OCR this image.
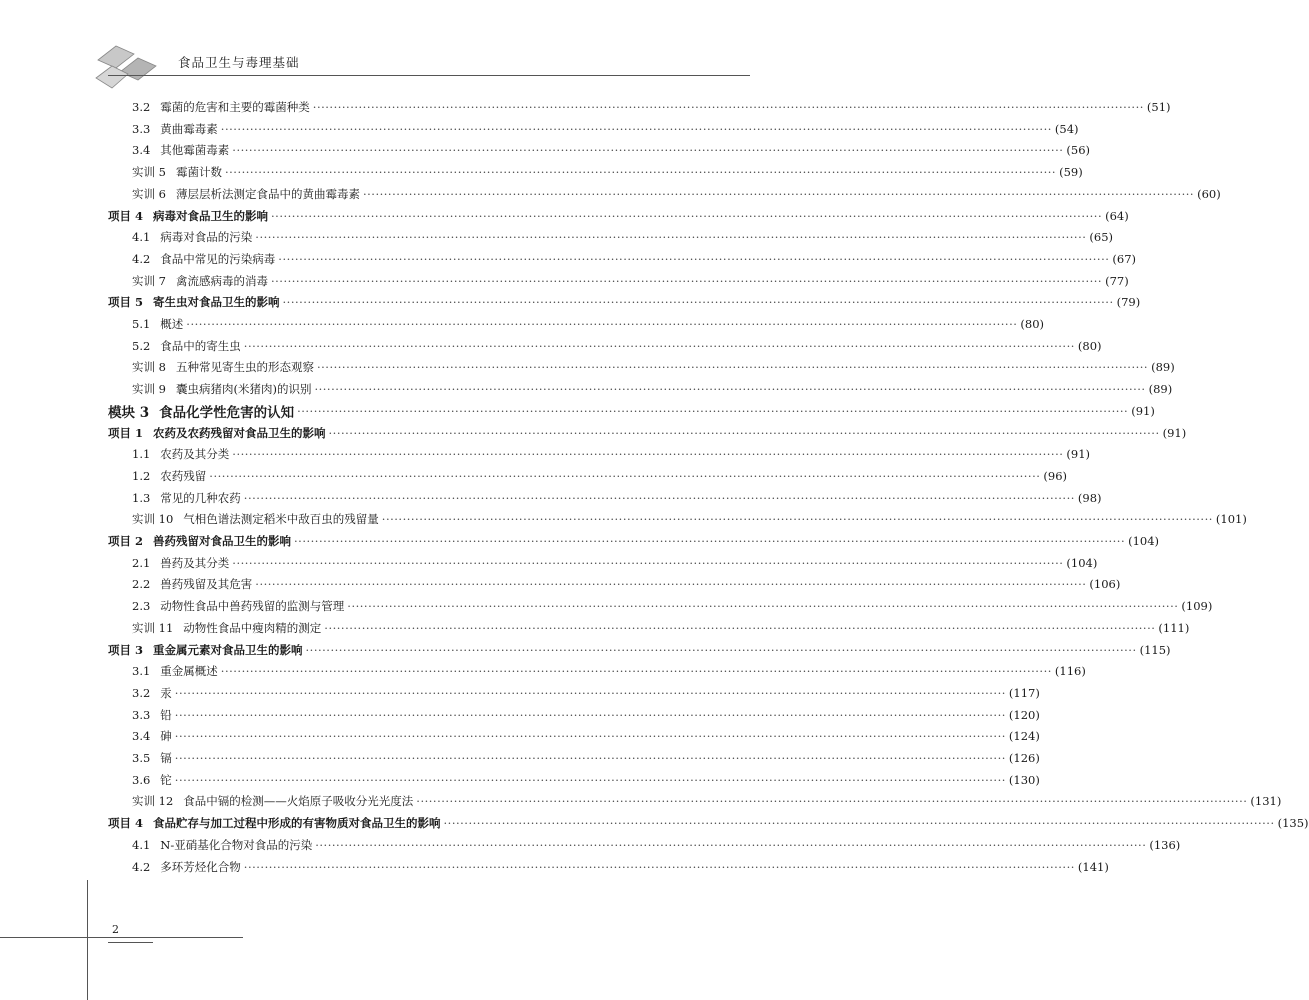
食品卫生与毒理基础
3.2 霉菌的危害和主要的霉菌种类 ········································································································································································································ (51)
3.3 黄曲霉毒素 ········································································································································································································ (54)
3.4 其他霉菌毒素 ········································································································································································································ (56)
实训 5 霉菌计数 ········································································································································································································ (59)
实训 6 薄层层析法测定食品中的黄曲霉毒素 ········································································································································································································ (60)
项目 4 病毒对食品卫生的影响 ········································································································································································································ (64)
4.1 病毒对食品的污染 ········································································································································································································ (65)
4.2 食品中常见的污染病毒 ········································································································································································································ (67)
实训 7 禽流感病毒的消毒 ········································································································································································································ (77)
项目 5 寄生虫对食品卫生的影响 ········································································································································································································ (79)
5.1 概述 ········································································································································································································ (80)
5.2 食品中的寄生虫 ········································································································································································································ (80)
实训 8 五种常见寄生虫的形态观察 ········································································································································································································ (89)
实训 9 囊虫病猪肉(米猪肉)的识别 ········································································································································································································ (89)
模块 3 食品化学性危害的认知 ········································································································································································································ (91)
项目 1 农药及农药残留对食品卫生的影响 ········································································································································································································ (91)
1.1 农药及其分类 ········································································································································································································ (91)
1.2 农药残留 ········································································································································································································ (96)
1.3 常见的几种农药 ········································································································································································································ (98)
实训 10 气相色谱法测定稻米中敌百虫的残留量 ········································································································································································································ (101)
项目 2 兽药残留对食品卫生的影响 ········································································································································································································ (104)
2.1 兽药及其分类 ········································································································································································································ (104)
2.2 兽药残留及其危害 ········································································································································································································ (106)
2.3 动物性食品中兽药残留的监测与管理 ········································································································································································································ (109)
实训 11 动物性食品中瘦肉精的测定 ········································································································································································································ (111)
项目 3 重金属元素对食品卫生的影响 ········································································································································································································ (115)
3.1 重金属概述 ········································································································································································································ (116)
3.2 汞 ········································································································································································································ (117)
3.3 铅 ········································································································································································································ (120)
3.4 砷 ········································································································································································································ (124)
3.5 镉 ········································································································································································································ (126)
3.6 铊 ········································································································································································································ (130)
实训 12 食品中镉的检测——火焰原子吸收分光光度法 ········································································································································································································ (131)
项目 4 食品贮存与加工过程中形成的有害物质对食品卫生的影响 ········································································································································································································ (135)
4.1 N-亚硝基化合物对食品的污染 ········································································································································································································ (136)
4.2 多环芳烃化合物 ········································································································································································································ (141)
2
